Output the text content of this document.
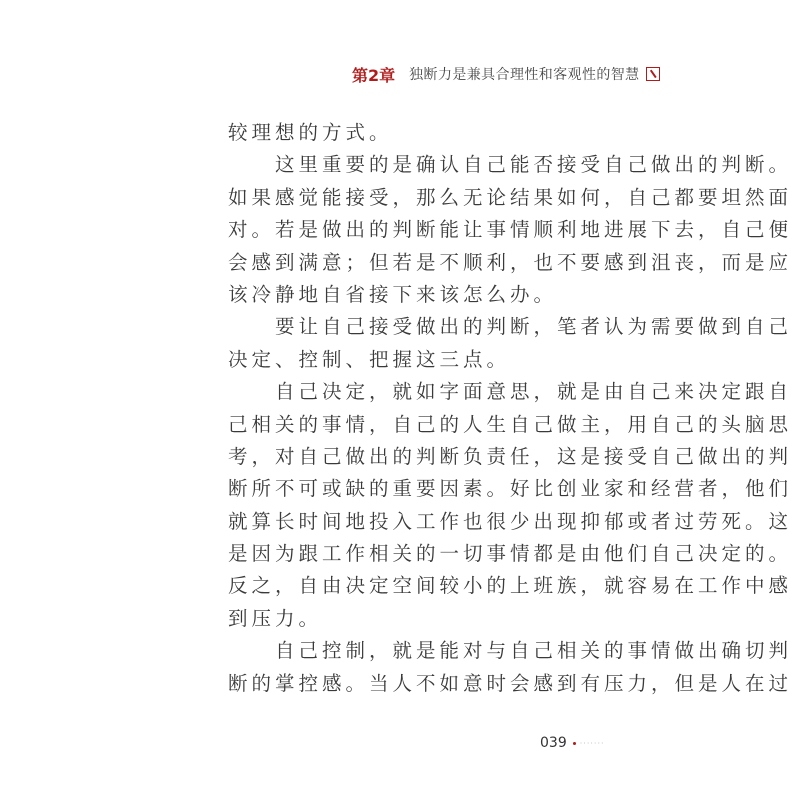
第2章 独断力是兼具合理性和客观性的智慧
较理想的方式。
这里重要的是确认自己能否接受自己做出的判断。
如果感觉能接受，那么无论结果如何，自己都要坦然面
对。若是做出的判断能让事情顺利地进展下去，自己便
会感到满意；但若是不顺利，也不要感到沮丧，而是应
该冷静地自省接下来该怎么办。
要让自己接受做出的判断，笔者认为需要做到自己
决定、控制、把握这三点。
自己决定，就如字面意思，就是由自己来决定跟自
己相关的事情，自己的人生自己做主，用自己的头脑思
考，对自己做出的判断负责任，这是接受自己做出的判
断所不可或缺的重要因素。好比创业家和经营者，他们
就算长时间地投入工作也很少出现抑郁或者过劳死。这
是因为跟工作相关的一切事情都是由他们自己决定的。
反之，自由决定空间较小的上班族，就容易在工作中感
到压力。
自己控制，就是能对与自己相关的事情做出确切判
断的掌控感。当人不如意时会感到有压力，但是人在过
039 ·······
